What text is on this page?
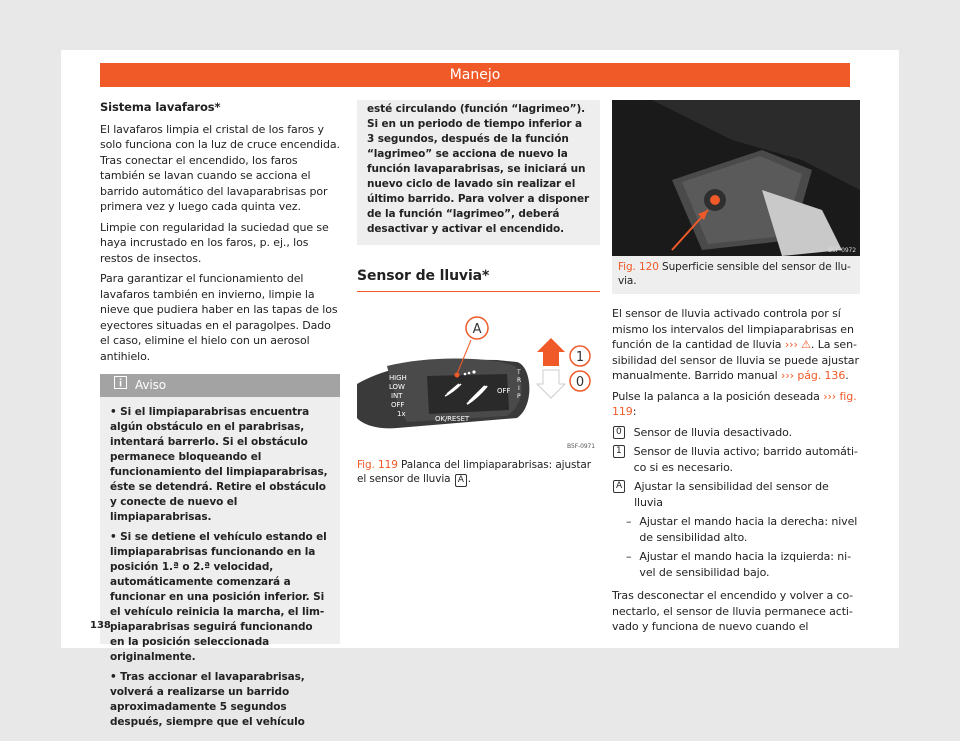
Manejo
Sistema lavafaros*

El lavafaros limpia el cristal de los faros y solo funciona con la luz de cruce encendida. Tras conectar el encendido, los faros también se lavan cuando se acciona el barrido automático del lavaparabrisas por primera vez y luego cada quinta vez.

Limpie con regularidad la suciedad que se haya incrustado en los faros, p. ej., los restos de insectos.

Para garantizar el funcionamiento del lavafaros también en invierno, limpie la nieve que pudiera haber en las tapas de los eyectores situadas en el paragolpes. Dado el caso, elimine el hielo con un aerosol antihielo.

Aviso
• Si el limpiaparabrisas encuentra algún obstáculo en el parabrisas, intentará barrerlo. Si el obstáculo permanece bloqueando el funcionamiento del limpiaparabrisas, éste se detendrá. Retire el obstáculo y conecte de nuevo el limpiaparabrisas.
• Si se detiene el vehículo estando el limpiaparabrisas funcionando en la posición 1.ª o 2.ª velocidad, automáticamente comenzará a funcionar en una posición inferior. Si el vehículo reinicia la marcha, el limpiaparabrisas seguirá funcionando en la posición seleccionada originalmente.
• Tras accionar el lavaparabrisas, volverá a realizarse un barrido aproximadamente 5 segundos después, siempre que el vehículo
esté circulando (función “lagrimeo”). Si en un periodo de tiempo inferior a 3 segundos, después de la función “lagrimeo” se acciona de nuevo la función lavaparabrisas, se iniciará un nuevo ciclo de lavado sin realizar el último barrido. Para volver a disponer de la función “lagrimeo”, deberá desactivar y activar el encendido.
Sensor de lluvia*
HIGH
LOW
INT
OFF
1x
OK/RESET
OFF
T
R
I
P
A
1
0
B5F-0971
Fig. 119 Palanca del limpiaparabrisas: ajustar el sensor de lluvia A .
B5F-0972
Fig. 120 Superficie sensible del sensor de lluvia.

El sensor de lluvia activado controla por sí mismo los intervalos del limpiaparabrisas en función de la cantidad de lluvia ››› ⚠. La sensibilidad del sensor de lluvia se puede ajustar manualmente. Barrido manual ››› pág. 136.

Pulse la palanca a la posición deseada ››› fig. 119:

0 Sensor de lluvia desactivado.
1 Sensor de lluvia activo; barrido automático si es necesario.
A Ajustar la sensibilidad del sensor de lluvia
– Ajustar el mando hacia la derecha: nivel de sensibilidad alto.
– Ajustar el mando hacia la izquierda: nivel de sensibilidad bajo.

Tras desconectar el encendido y volver a conectarlo, el sensor de lluvia permanece activado y funciona de nuevo cuando el

138
